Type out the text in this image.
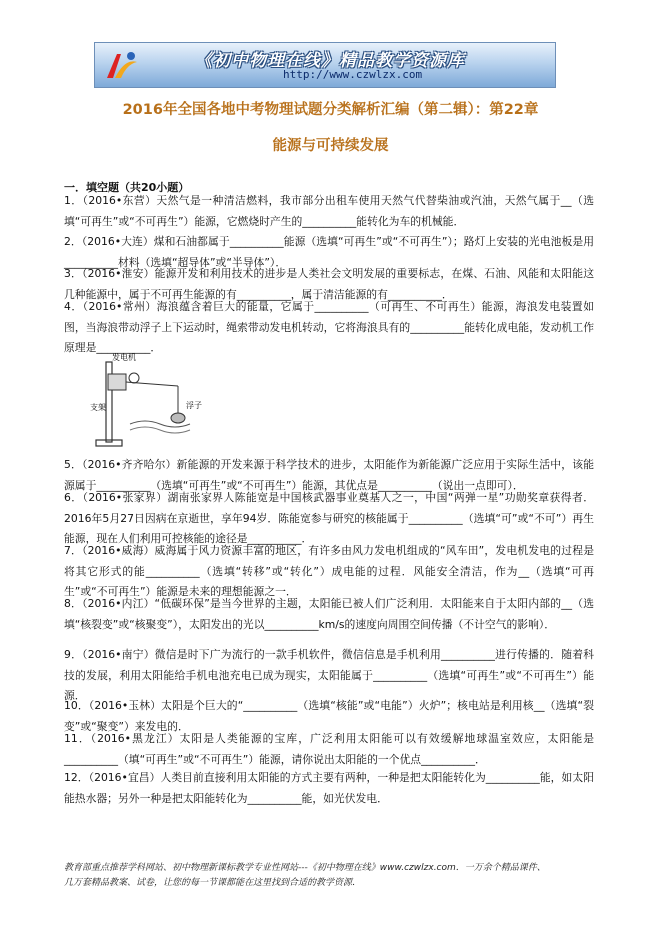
《初中物理在线》精品教学资源库
http://www.czwlzx.com
2016年全国各地中考物理试题分类解析汇编（第二辑）：第22章
能源与可持续发展
一．填空题（共20小题）
1．（2016•东营）天然气是一种清洁燃料，我市部分出租车使用天然气代替柴油或汽油，天然气属于__（选填“可再生”或“不可再生”）能源，它燃烧时产生的__________能转化为车的机械能．
2．（2016•大连）煤和石油都属于__________能源（选填“可再生”或“不可再生”）；路灯上安装的光电池板是用__________材料（选填“超导体”或“半导体”）．
3．（2016•淮安）能源开发和利用技术的进步是人类社会文明发展的重要标志，在煤、石油、风能和太阳能这几种能源中，属于不可再生能源的有__________，属于清洁能源的有__________．
4．（2016•常州）海浪蕴含着巨大的能量，它属于__________（可再生、不可再生）能源，海浪发电装置如图，当海浪带动浮子上下运动时，绳索带动发电机转动，它将海浪具有的__________能转化成电能，发动机工作原理是__________．
发电机
浮子
支架
5．（2016•齐齐哈尔）新能源的开发来源于科学技术的进步，太阳能作为新能源广泛应用于实际生活中，该能源属于__________（选填“可再生”或“不可再生”）能源，其优点是__________（说出一点即可）．
6．（2016•张家界）湖南张家界人陈能宽是中国核武器事业奠基人之一，中国“两弹一星”功勋奖章获得者．2016年5月27日因病在京逝世，享年94岁．陈能宽参与研究的核能属于__________（选填“可”或“不可”）再生能源，现在人们利用可控核能的途径是__________．
7．（2016•威海）威海属于风力资源丰富的地区，有许多由风力发电机组成的“风车田”，发电机发电的过程是将其它形式的能__________（选填“转移”或“转化”）成电能的过程．风能安全清洁，作为__（选填“可再生”或“不可再生”）能源是未来的理想能源之一．
8．（2016•内江）“低碳环保”是当今世界的主题，太阳能已被人们广泛利用．太阳能来自于太阳内部的__（选填“核裂变”或“核聚变”），太阳发出的光以__________km/s的速度向周围空间传播（不计空气的影响）．
9．（2016•南宁）微信是时下广为流行的一款手机软件，微信信息是手机利用__________进行传播的．随着科技的发展，利用太阳能给手机电池充电已成为现实，太阳能属于__________（选填“可再生”或“不可再生”）能源．
10．（2016•玉林）太阳是个巨大的“__________（选填“核能”或“电能”）火炉”；核电站是利用核__（选填“裂变”或“聚变”）来发电的．
11．（2016•黑龙江）太阳是人类能源的宝库，广泛利用太阳能可以有效缓解地球温室效应，太阳能是__________（填“可再生”或“不可再生”）能源，请你说出太阳能的一个优点__________．
12．（2016•宜昌）人类目前直接利用太阳能的方式主要有两种，一种是把太阳能转化为__________能，如太阳能热水器；另外一种是把太阳能转化为__________能，如光伏发电．
教育部重点推荐学科网站、初中物理新课标教学专业性网站---《初中物理在线》www.czwlzx.com．一万余个精品课件、
几万套精品教案、试卷，让您的每一节课都能在这里找到合适的教学资源．
